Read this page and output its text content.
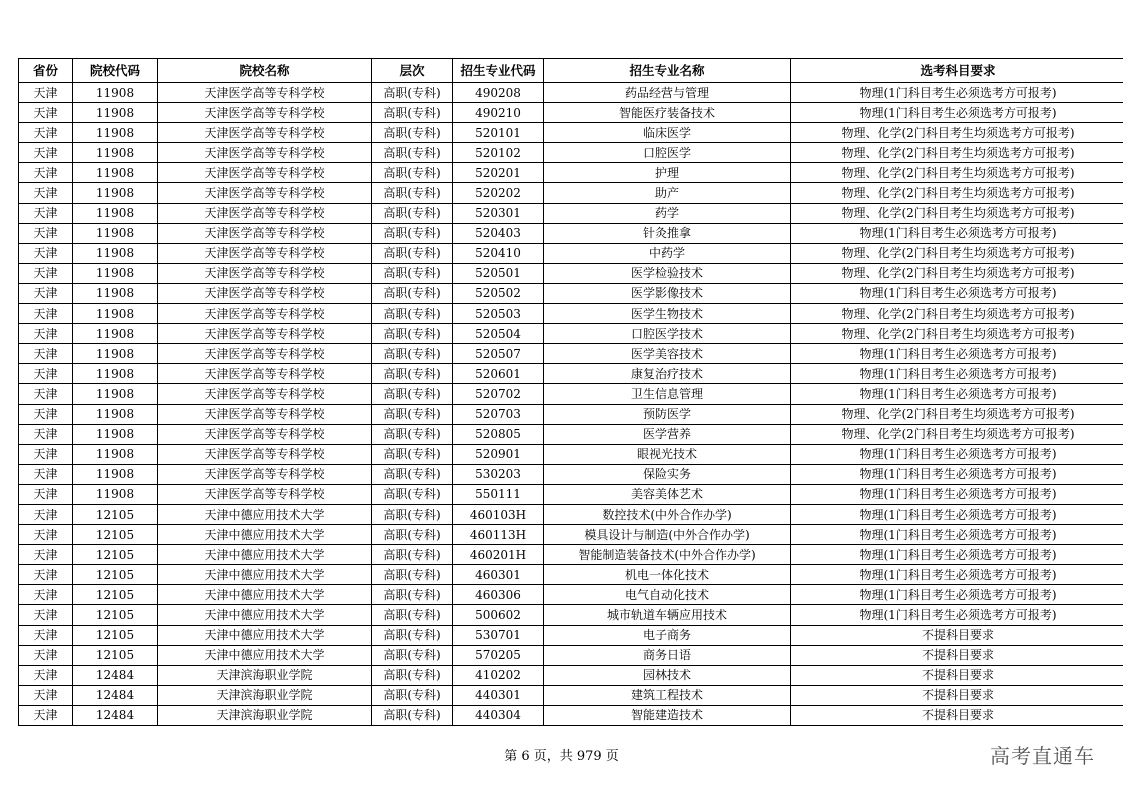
省份	院校代码	院校名称	层次	招生专业代码	招生专业名称	选考科目要求
天津	11908	天津医学高等专科学校	高职(专科)	490208	药品经营与管理	物理(1门科目考生必须选考方可报考)
天津	11908	天津医学高等专科学校	高职(专科)	490210	智能医疗装备技术	物理(1门科目考生必须选考方可报考)
天津	11908	天津医学高等专科学校	高职(专科)	520101	临床医学	物理、化学(2门科目考生均须选考方可报考)
天津	11908	天津医学高等专科学校	高职(专科)	520102	口腔医学	物理、化学(2门科目考生均须选考方可报考)
天津	11908	天津医学高等专科学校	高职(专科)	520201	护理	物理、化学(2门科目考生均须选考方可报考)
天津	11908	天津医学高等专科学校	高职(专科)	520202	助产	物理、化学(2门科目考生均须选考方可报考)
天津	11908	天津医学高等专科学校	高职(专科)	520301	药学	物理、化学(2门科目考生均须选考方可报考)
天津	11908	天津医学高等专科学校	高职(专科)	520403	针灸推拿	物理(1门科目考生必须选考方可报考)
天津	11908	天津医学高等专科学校	高职(专科)	520410	中药学	物理、化学(2门科目考生均须选考方可报考)
天津	11908	天津医学高等专科学校	高职(专科)	520501	医学检验技术	物理、化学(2门科目考生均须选考方可报考)
天津	11908	天津医学高等专科学校	高职(专科)	520502	医学影像技术	物理(1门科目考生必须选考方可报考)
天津	11908	天津医学高等专科学校	高职(专科)	520503	医学生物技术	物理、化学(2门科目考生均须选考方可报考)
天津	11908	天津医学高等专科学校	高职(专科)	520504	口腔医学技术	物理、化学(2门科目考生均须选考方可报考)
天津	11908	天津医学高等专科学校	高职(专科)	520507	医学美容技术	物理(1门科目考生必须选考方可报考)
天津	11908	天津医学高等专科学校	高职(专科)	520601	康复治疗技术	物理(1门科目考生必须选考方可报考)
天津	11908	天津医学高等专科学校	高职(专科)	520702	卫生信息管理	物理(1门科目考生必须选考方可报考)
天津	11908	天津医学高等专科学校	高职(专科)	520703	预防医学	物理、化学(2门科目考生均须选考方可报考)
天津	11908	天津医学高等专科学校	高职(专科)	520805	医学营养	物理、化学(2门科目考生均须选考方可报考)
天津	11908	天津医学高等专科学校	高职(专科)	520901	眼视光技术	物理(1门科目考生必须选考方可报考)
天津	11908	天津医学高等专科学校	高职(专科)	530203	保险实务	物理(1门科目考生必须选考方可报考)
天津	11908	天津医学高等专科学校	高职(专科)	550111	美容美体艺术	物理(1门科目考生必须选考方可报考)
天津	12105	天津中德应用技术大学	高职(专科)	460103H	数控技术(中外合作办学)	物理(1门科目考生必须选考方可报考)
天津	12105	天津中德应用技术大学	高职(专科)	460113H	模具设计与制造(中外合作办学)	物理(1门科目考生必须选考方可报考)
天津	12105	天津中德应用技术大学	高职(专科)	460201H	智能制造装备技术(中外合作办学)	物理(1门科目考生必须选考方可报考)
天津	12105	天津中德应用技术大学	高职(专科)	460301	机电一体化技术	物理(1门科目考生必须选考方可报考)
天津	12105	天津中德应用技术大学	高职(专科)	460306	电气自动化技术	物理(1门科目考生必须选考方可报考)
天津	12105	天津中德应用技术大学	高职(专科)	500602	城市轨道车辆应用技术	物理(1门科目考生必须选考方可报考)
天津	12105	天津中德应用技术大学	高职(专科)	530701	电子商务	不提科目要求
天津	12105	天津中德应用技术大学	高职(专科)	570205	商务日语	不提科目要求
天津	12484	天津滨海职业学院	高职(专科)	410202	园林技术	不提科目要求
天津	12484	天津滨海职业学院	高职(专科)	440301	建筑工程技术	不提科目要求
天津	12484	天津滨海职业学院	高职(专科)	440304	智能建造技术	不提科目要求
第 6 页，共 979 页	高考直通车
